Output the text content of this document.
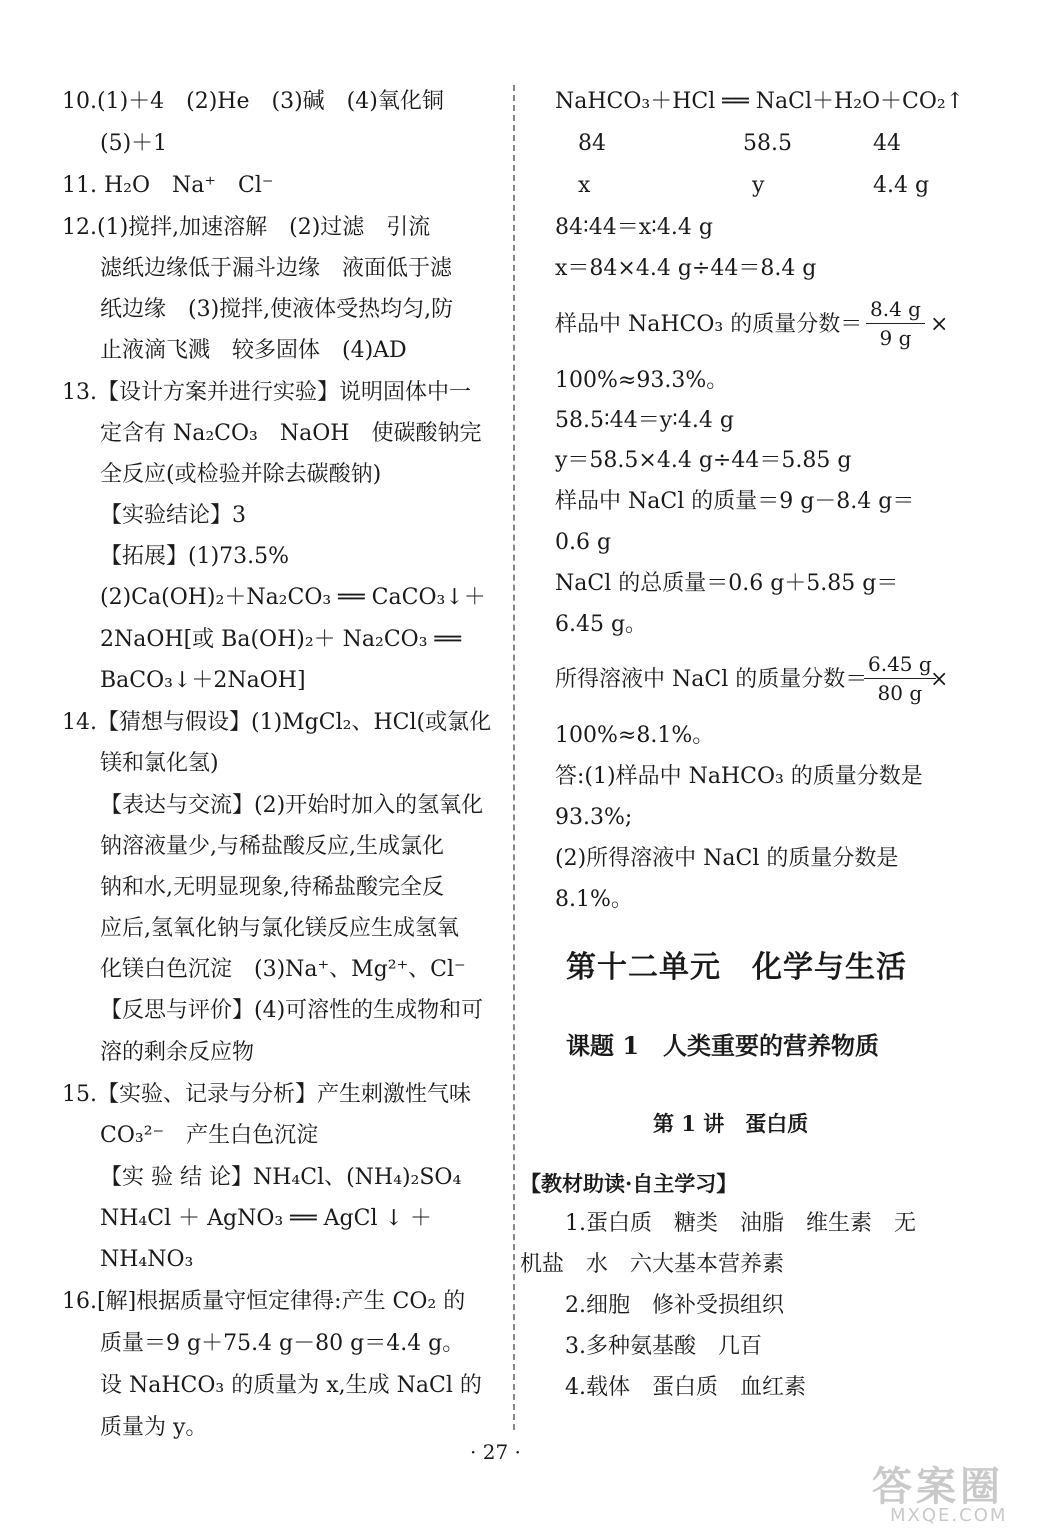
10.(1)＋4　(2)He　(3)碱　(4)氧化铜
(5)＋1
11. H₂O　Na⁺　Cl⁻
12.(1)搅拌,加速溶解　(2)过滤　引流
滤纸边缘低于漏斗边缘　液面低于滤
纸边缘　(3)搅拌,使液体受热均匀,防
止液滴飞溅　较多固体　(4)AD
13.【设计方案并进行实验】说明固体中一
定含有 Na₂CO₃　NaOH　使碳酸钠完
全反应(或检验并除去碳酸钠)
【实验结论】3
【拓展】(1)73.5%
(2)Ca(OH)₂＋Na₂CO₃ ══ CaCO₃↓＋
2NaOH[或 Ba(OH)₂＋ Na₂CO₃ ══
BaCO₃↓＋2NaOH]
14.【猜想与假设】(1)MgCl₂、HCl(或氯化
镁和氯化氢)
【表达与交流】(2)开始时加入的氢氧化
钠溶液量少,与稀盐酸反应,生成氯化
钠和水,无明显现象,待稀盐酸完全反
应后,氢氧化钠与氯化镁反应生成氢氧
化镁白色沉淀　(3)Na⁺、Mg²⁺、Cl⁻
【反思与评价】(4)可溶性的生成物和可
溶的剩余反应物
15.【实验、记录与分析】产生刺激性气味
CO₃²⁻　产生白色沉淀
【实 验 结 论】NH₄Cl、(NH₄)₂SO₄
NH₄Cl ＋ AgNO₃ ══ AgCl ↓ ＋
NH₄NO₃
16.[解]根据质量守恒定律得:产生 CO₂ 的
质量＝9 g＋75.4 g－80 g＝4.4 g。
设 NaHCO₃ 的质量为 x,生成 NaCl 的
质量为 y。
NaHCO₃＋HCl ══ NaCl＋H₂O＋CO₂↑
84	58.5	44
x	y	4.4 g
84∶44＝x∶4.4 g
x＝84×4.4 g÷44＝8.4 g
样品中 NaHCO₃ 的质量分数＝	×
100%≈93.3%。
58.5∶44＝y∶4.4 g
y＝58.5×4.4 g÷44＝5.85 g
样品中 NaCl 的质量＝9 g－8.4 g＝
0.6 g
NaCl 的总质量＝0.6 g＋5.85 g＝
6.45 g。
所得溶液中 NaCl 的质量分数＝	×
100%≈8.1%。
答:(1)样品中 NaHCO₃ 的质量分数是
93.3%;
(2)所得溶液中 NaCl 的质量分数是
8.1%。
1.蛋白质　糖类　油脂　维生素　无
机盐　水　六大基本营养素
2.细胞　修补受损组织
3.多种氨基酸　几百
4.载体　蛋白质　血红素
$\frac{8.4 g}{9 g}$
$\frac{6.45 g}{80 g}$
第十二单元　化学与生活
课题 1　人类重要的营养物质
第 1 讲　蛋白质
【教材助读·自主学习】
· 27 ·
答案圈
MXQE.COM
